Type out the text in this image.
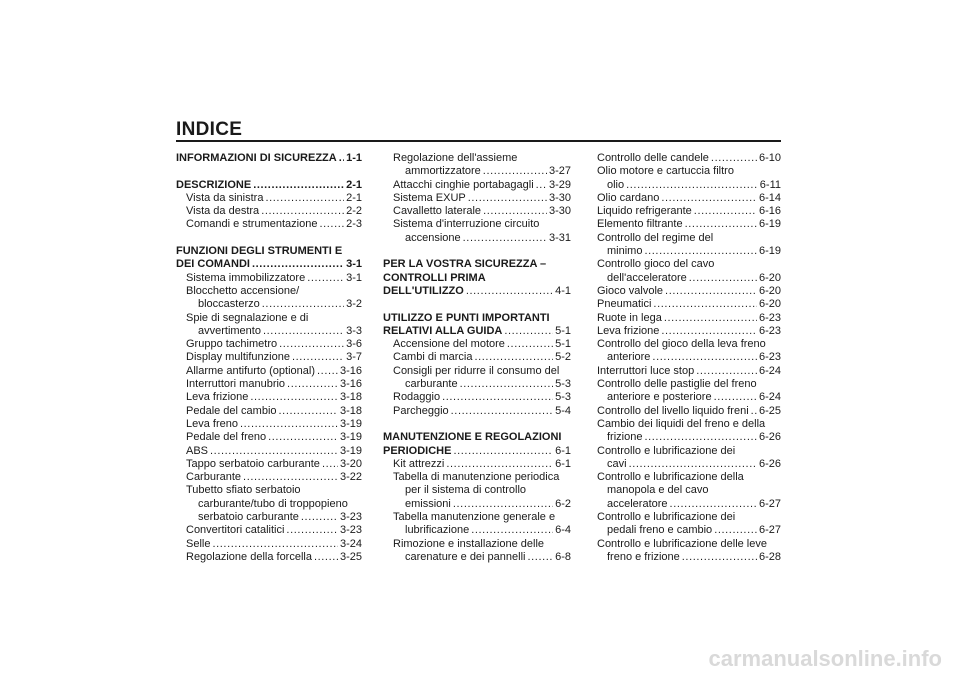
INDICE
INFORMAZIONI DI SICUREZZA ..... 1-1
DESCRIZIONE .....	2-1
Vista da sinistra .....	2-1
Vista da destra .....	2-2
Comandi e strumentazione .....	2-3
FUNZIONI DEGLI STRUMENTI E
DEI COMANDI .....	3-1
Sistema immobilizzatore .....	3-1
Blocchetto accensione/
bloccasterzo .....	3-2
Spie di segnalazione e di
avvertimento .....	3-3
Gruppo tachimetro .....	3-6
Display multifunzione .....	3-7
Allarme antifurto (optional) ..... 3-16
Interruttori manubrio .....	3-16
Leva frizione .....	3-18
Pedale del cambio .....	3-18
Leva freno .....	3-19
Pedale del freno .....	3-19
ABS .....	3-19
Tappo serbatoio carburante ..... 3-20
Carburante .....	3-22
Tubetto sfiato serbatoio
carburante/tubo di troppopieno
serbatoio carburante .....	3-23
Convertitori catalitici .....	3-23
Selle .....	3-24
Regolazione della forcella .....	3-25
Regolazione dell'assieme
ammortizzatore .....	3-27
Attacchi cinghie portabagagli ..... 3-29
Sistema EXUP .....	3-30
Cavalletto laterale .....	3-30
Sistema d'interruzione circuito
accensione .....	3-31
PER LA VOSTRA SICUREZZA –
CONTROLLI PRIMA
DELL'UTILIZZO .....	4-1
UTILIZZO E PUNTI IMPORTANTI
RELATIVI ALLA GUIDA .....	5-1
Accensione del motore .....	5-1
Cambi di marcia .....	5-2
Consigli per ridurre il consumo del
carburante .....	5-3
Rodaggio .....	5-3
Parcheggio .....	5-4
MANUTENZIONE E REGOLAZIONI
PERIODICHE .....	6-1
Kit attrezzi .....	6-1
Tabella di manutenzione periodica
per il sistema di controllo
emissioni .....	6-2
Tabella manutenzione generale e
lubrificazione .....	6-4
Rimozione e installazione delle
carenature e dei pannelli .....	6-8
Controllo delle candele .....	6-10
Olio motore e cartuccia filtro
olio .....	6-11
Olio cardano .....	6-14
Liquido refrigerante .....	6-16
Elemento filtrante .....	6-19
Controllo del regime del
minimo .....	6-19
Controllo gioco del cavo
dell'acceleratore .....	6-20
Gioco valvole .....	6-20
Pneumatici .....	6-20
Ruote in lega .....	6-23
Leva frizione .....	6-23
Controllo del gioco della leva freno
anteriore .....	6-23
Interruttori luce stop .....	6-24
Controllo delle pastiglie del freno
anteriore e posteriore .....	6-24
Controllo del livello liquido freni ..... 6-25
Cambio dei liquidi del freno e della
frizione .....	6-26
Controllo e lubrificazione dei
cavi .....	6-26
Controllo e lubrificazione della
manopola e del cavo
acceleratore .....	6-27
Controllo e lubrificazione dei
pedali freno e cambio .....	6-27
Controllo e lubrificazione delle leve
freno e frizione .....	6-28
carmanualsonline.info
